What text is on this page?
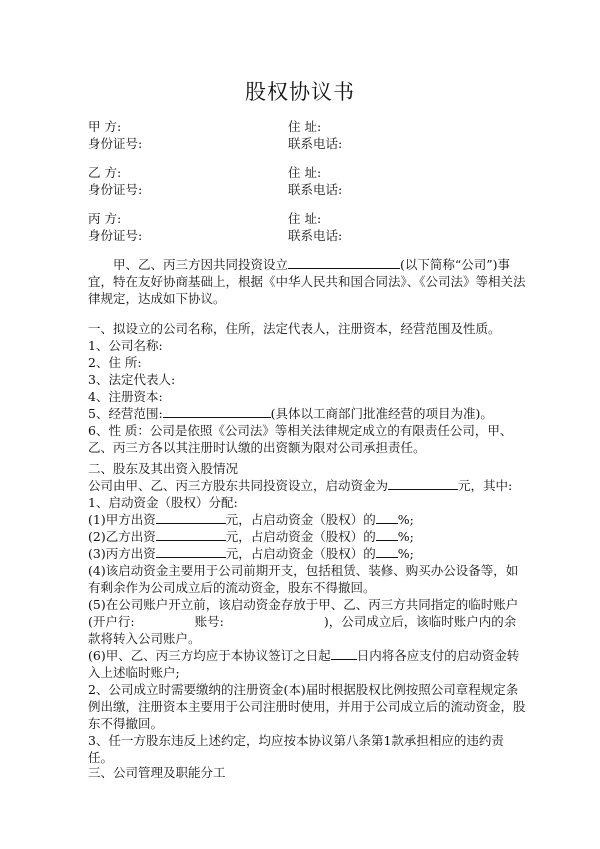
股权协议书
甲 方:	住 址:
身份证号:	联系电话:
乙 方:	住 址:
身份证号:	联系电话:
丙 方:	住 址:
身份证号:	联系电话:

甲、乙、丙三方因共同投资设立	(以下简称“公司”)事宜，特在友好协商基础上，根据《中华人民共和国合同法》、《公司法》等相关法律规定，达成如下协议。

一、拟设立的公司名称，住所，法定代表人，注册资本，经营范围及性质。

1、公司名称:

2、住 所:

3、法定代表人:

4、注册资本:

5、经营范围:	(具体以工商部门批准经营的项目为准)。

6、性 质：公司是依照《公司法》等相关法律规定成立的有限责任公司，甲、乙、丙三方各以其注册时认缴的出资额为限对公司承担责任。

二、股东及其出资入股情况

公司由甲、乙、丙三方股东共同投资设立，启动资金为	元，其中:

1、启动资金（股权）分配:

(1)甲方出资	元，占启动资金（股权）的 %;

(2)乙方出资	元，占启动资金（股权）的 %;

(3)丙方出资	元，占启动资金（股权）的 %;

(4)该启动资金主要用于公司前期开支，包括租赁、装修、购买办公设备等，如有剩余作为公司成立后的流动资金，股东不得撤回。

(5)在公司账户开立前，该启动资金存放于甲、乙、丙三方共同指定的临时账户(开户行:	账号:	)，公司成立后，该临时账户内的余款将转入公司账户。

(6)甲、乙、丙三方均应于本协议签订之日起 日内将各应支付的启动资金转入上述临时账户;

2、公司成立时需要缴纳的注册资金(本)届时根据股权比例按照公司章程规定条例出缴，注册资本主要用于公司注册时使用，并用于公司成立后的流动资金，股东不得撤回。

3、任一方股东违反上述约定，均应按本协议第八条第1款承担相应的违约责任。

三、公司管理及职能分工
